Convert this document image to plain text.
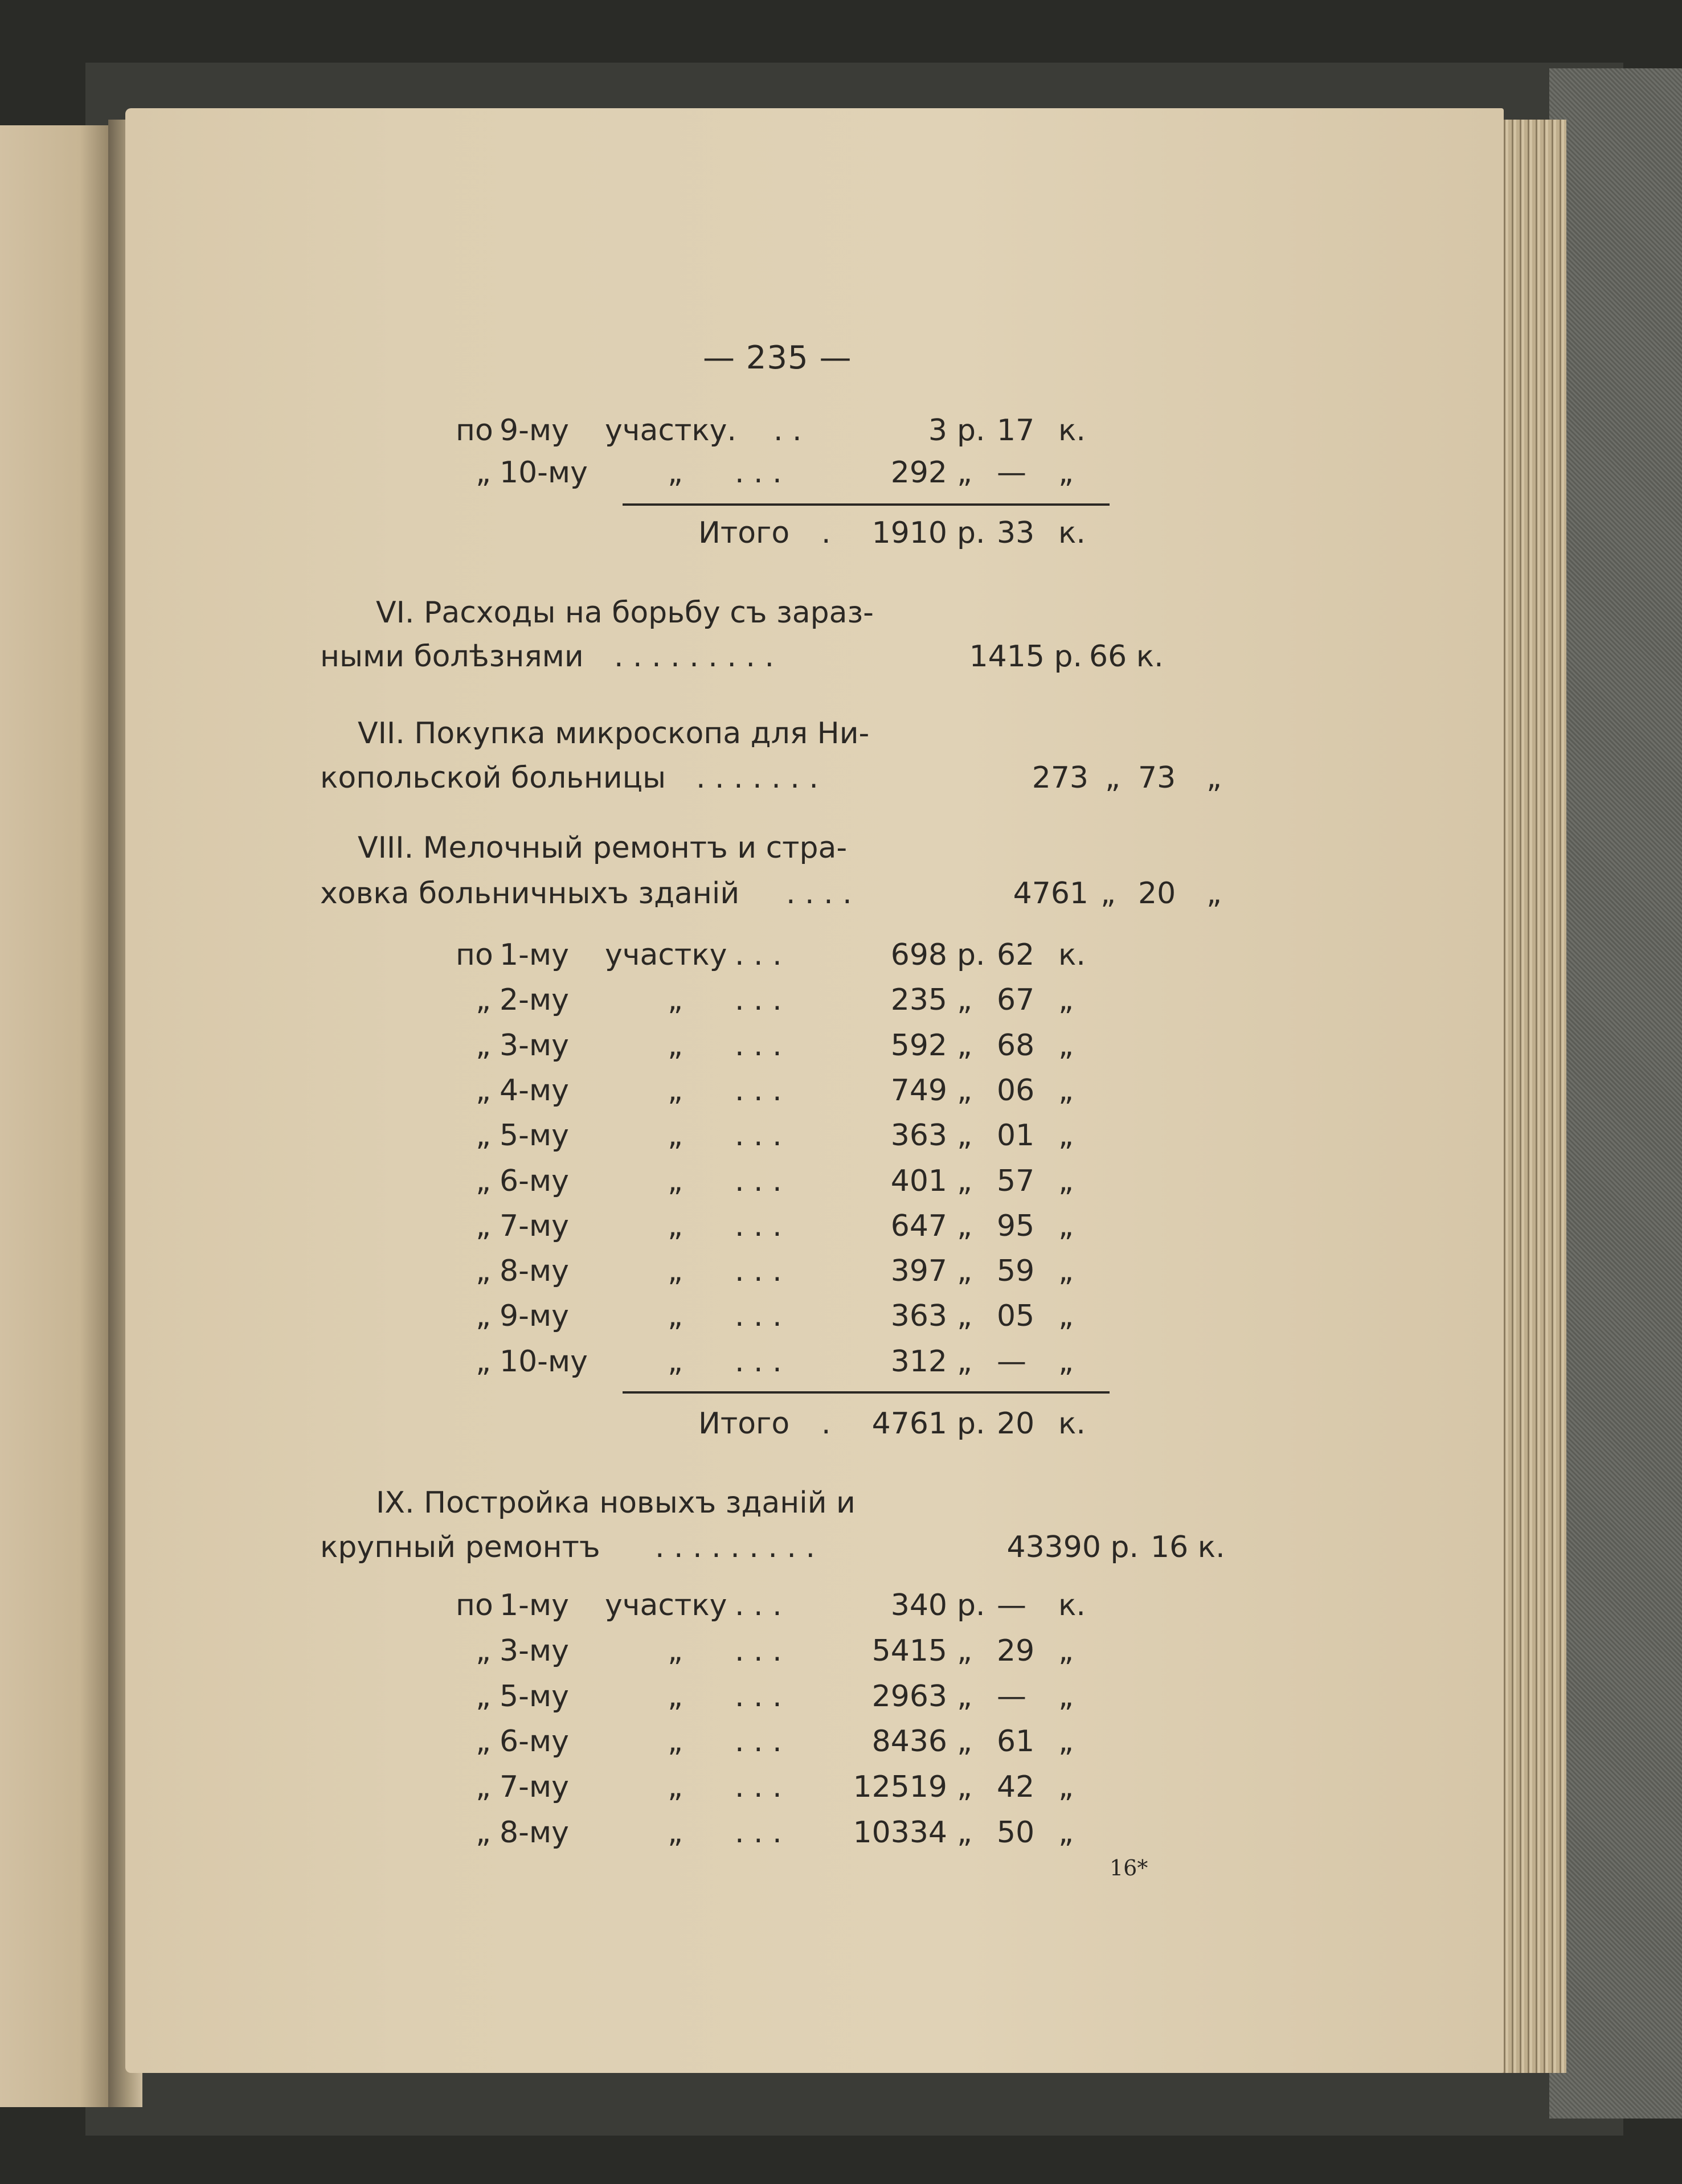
— 235 —
по 9-му участку. . .	3 р. 17 к.
„ 10-му	„ . . .	292 „ — „
Итого . 1910 р. 33 к.
VI. Расходы на борьбу съ зараз-
ными болѣзнями . . . . . . . . .	1415 р. 66 к.
VII. Покупка микроскопа для Ни-
копольской больницы . . . . . . .	273 „ 73 „
VIII. Мелочный ремонтъ и стра-
ховка больничныхъ зданій . . . .	4761 „ 20 „
по 1-му участку . . .	698 р. 62 к.
„ 2-му	„ . . .	235 „ 67 „
„ 3-му	„ . . .	592 „ 68 „
„ 4-му	„ . . .	749 „ 06 „
„ 5-му	„ . . .	363 „ 01 „
„ 6-му	„ . . .	401 „ 57 „
„ 7-му	„ . . .	647 „ 95 „
„ 8-му	„ . . .	397 „ 59 „
„ 9-му	„ . . .	363 „ 05 „
„ 10-му	„ . . .	312 „ — „
Итого . 4761 р. 20 к.
IX. Постройка новыхъ зданій и
крупный ремонтъ . . . . . . . . .	43390 р. 16 к.
по 1-му участку . . .	340 р. — к.
„ 3-му	„ . . .	5415 „ 29 „
„ 5-му	„ . . .	2963 „ — „
„ 6-му	„ . . .	8436 „ 61 „
„ 7-му	„ . . . 12519 „ 42 „
„ 8-му	„ . . . 10334 „ 50 „
16*
